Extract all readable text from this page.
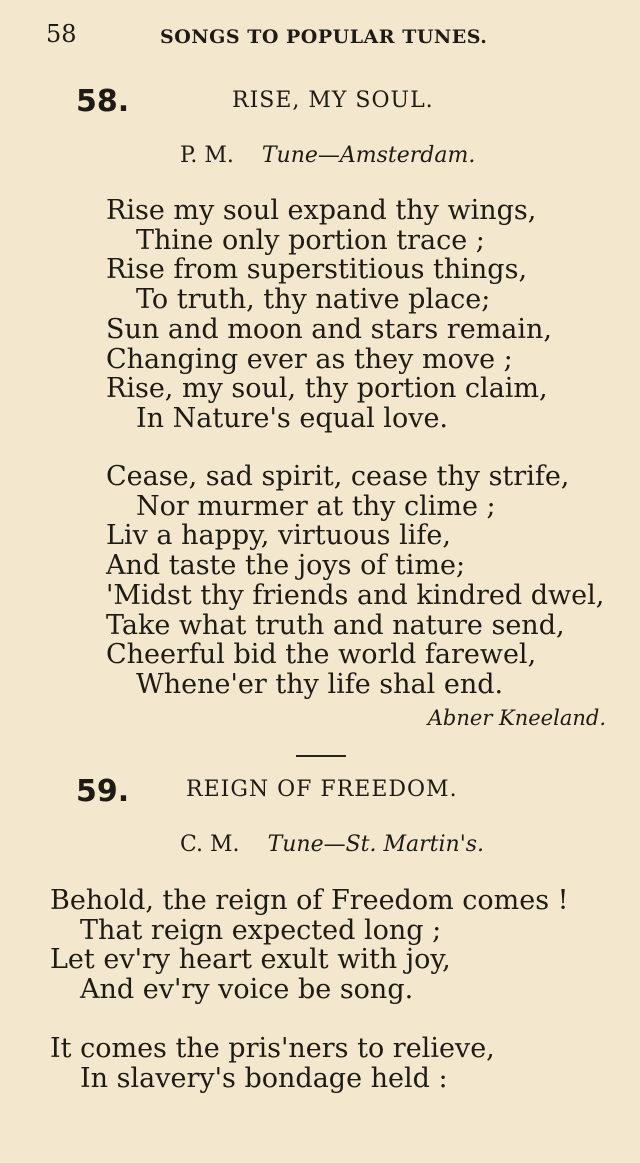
58	SONGS TO POPULAR TUNES.
58.	RISE, MY SOUL.
P. M. Tune—Amsterdam.
Rise my soul expand thy wings,
Thine only portion trace ;
Rise from superstitious things,
To truth, thy native place;
Sun and moon and stars remain,
Changing ever as they move ;
Rise, my soul, thy portion claim,
In Nature's equal love.
Cease, sad spirit, cease thy strife,
Nor murmer at thy clime ;
Liv a happy, virtuous life,
And taste the joys of time;
'Midst thy friends and kindred dwel,
Take what truth and nature send,
Cheerful bid the world farewel,
Whene'er thy life shal end.
Abner Kneeland.
59.	REIGN OF FREEDOM.
C. M. Tune—St. Martin's.
Behold, the reign of Freedom comes !
That reign expected long ;
Let ev'ry heart exult with joy,
And ev'ry voice be song.
It comes the pris'ners to relieve,
In slavery's bondage held :
